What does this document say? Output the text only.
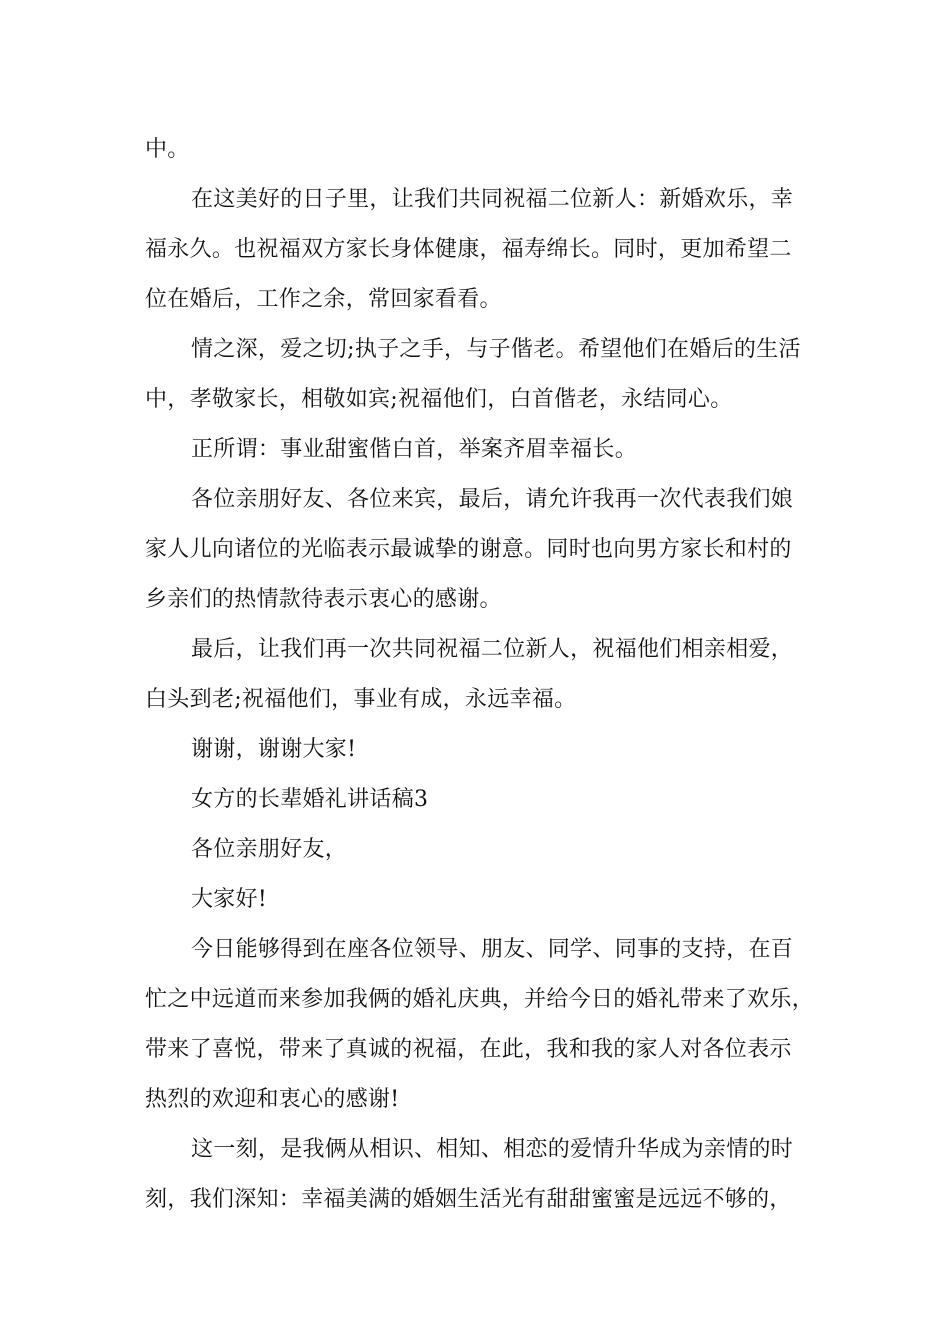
中。
在这美好的日子里，让我们共同祝福二位新人：新婚欢乐，幸
福永久。也祝福双方家长身体健康，福寿绵长。同时，更加希望二
位在婚后，工作之余，常回家看看。
情之深，爱之切;执子之手，与子偕老。希望他们在婚后的生活
中，孝敬家长，相敬如宾;祝福他们，白首偕老，永结同心。
正所谓：事业甜蜜偕白首，举案齐眉幸福长。
各位亲朋好友、各位来宾，最后，请允许我再一次代表我们娘
家人儿向诸位的光临表示最诚挚的谢意。同时也向男方家长和村的
乡亲们的热情款待表示衷心的感谢。
最后，让我们再一次共同祝福二位新人，祝福他们相亲相爱，
白头到老;祝福他们，事业有成，永远幸福。
谢谢，谢谢大家!
女方的长辈婚礼讲话稿3
各位亲朋好友，
大家好!
今日能够得到在座各位领导、朋友、同学、同事的支持，在百
忙之中远道而来参加我俩的婚礼庆典，并给今日的婚礼带来了欢乐，
带来了喜悦，带来了真诚的祝福，在此，我和我的家人对各位表示
热烈的欢迎和衷心的感谢!
这一刻，是我俩从相识、相知、相恋的爱情升华成为亲情的时
刻，我们深知：幸福美满的婚姻生活光有甜甜蜜蜜是远远不够的，
